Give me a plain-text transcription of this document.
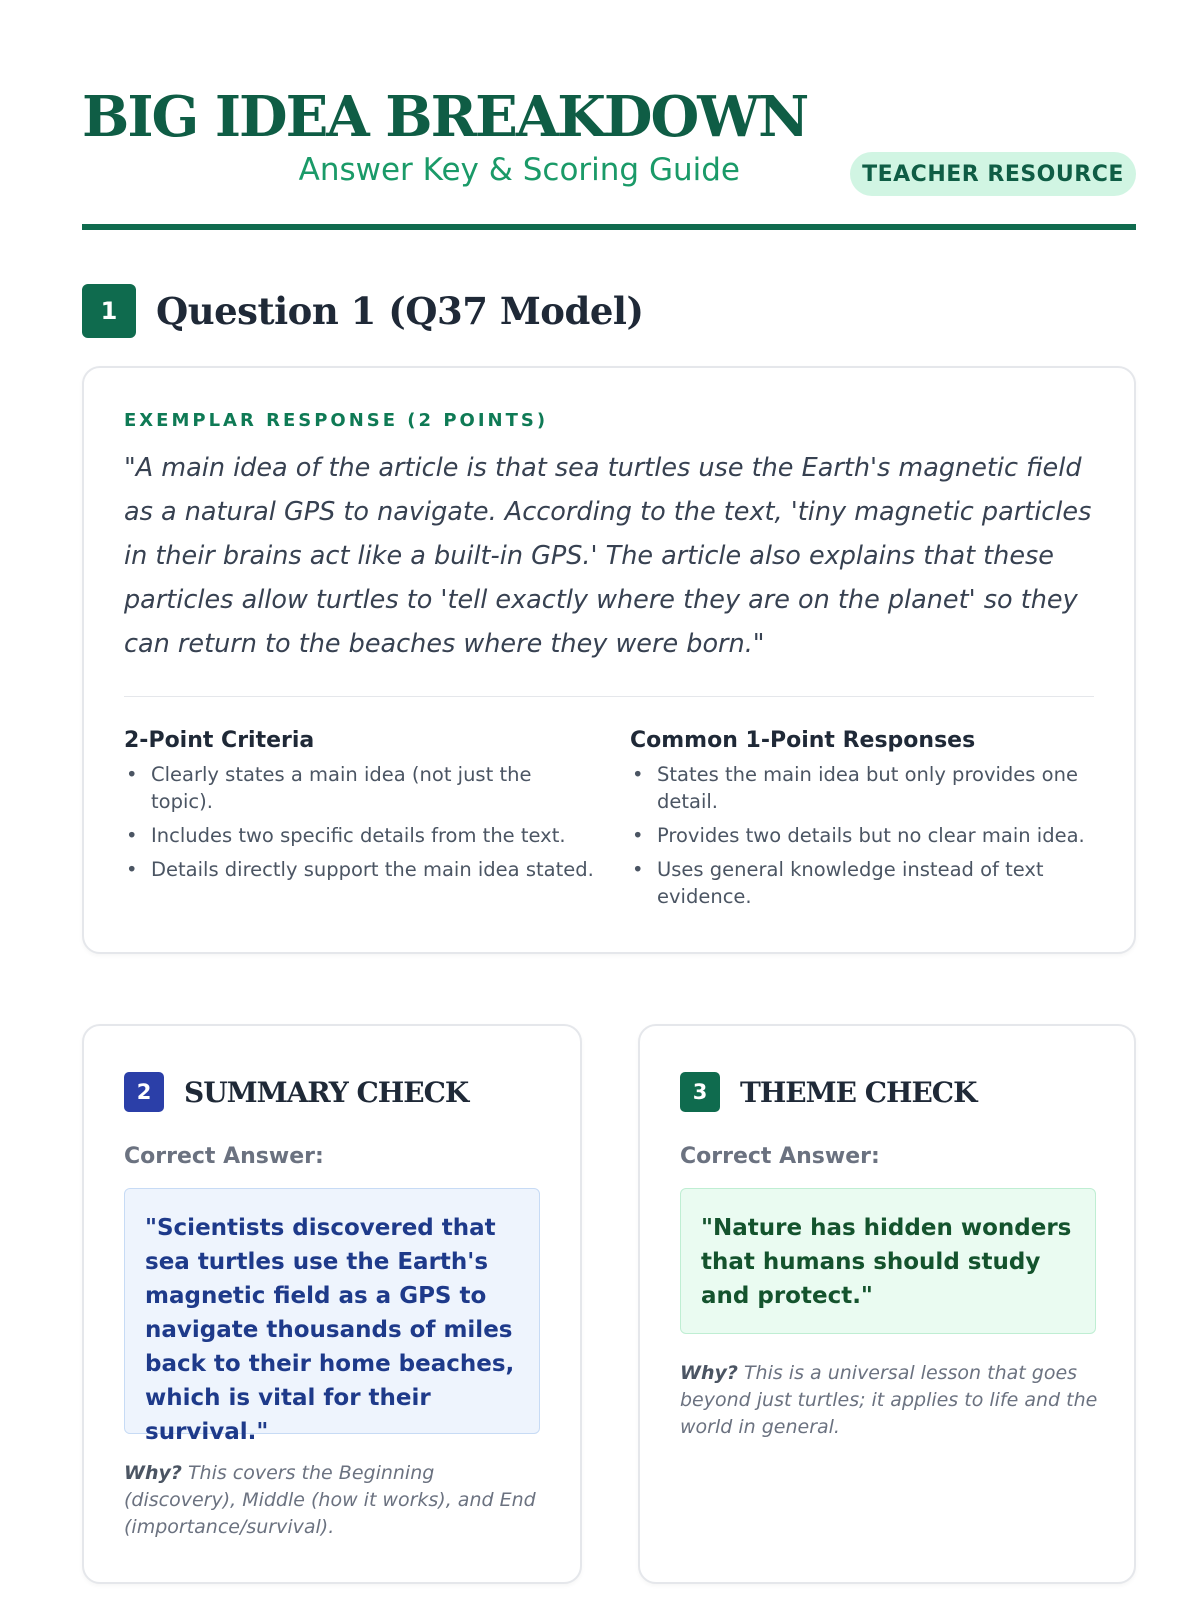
BIG IDEA BREAKDOWN
Answer Key & Scoring Guide	TEACHER RESOURCE
1	Question 1 (Q37 Model)
EXEMPLAR RESPONSE (2 POINTS)
"A main idea of the article is that sea turtles use the Earth's magnetic field as a natural GPS to navigate. According to the text, 'tiny magnetic particles in their brains act like a built-in GPS.' The article also explains that these particles allow turtles to 'tell exactly where they are on the planet' so they can return to the beaches where they were born."
2-Point Criteria
• Clearly states a main idea (not just the topic).
• Includes two specific details from the text.
• Details directly support the main idea stated.
Common 1-Point Responses
• States the main idea but only provides one detail.
• Provides two details but no clear main idea.
• Uses general knowledge instead of text evidence.
2	SUMMARY CHECK
Correct Answer:
"Scientists discovered that sea turtles use the Earth's magnetic field as a GPS to navigate thousands of miles back to their home beaches, which is vital for their survival."
Why? This covers the Beginning (discovery), Middle (how it works), and End (importance/survival).
3	THEME CHECK
Correct Answer:
"Nature has hidden wonders that humans should study and protect."
Why? This is a universal lesson that goes beyond just turtles; it applies to life and the world in general.
